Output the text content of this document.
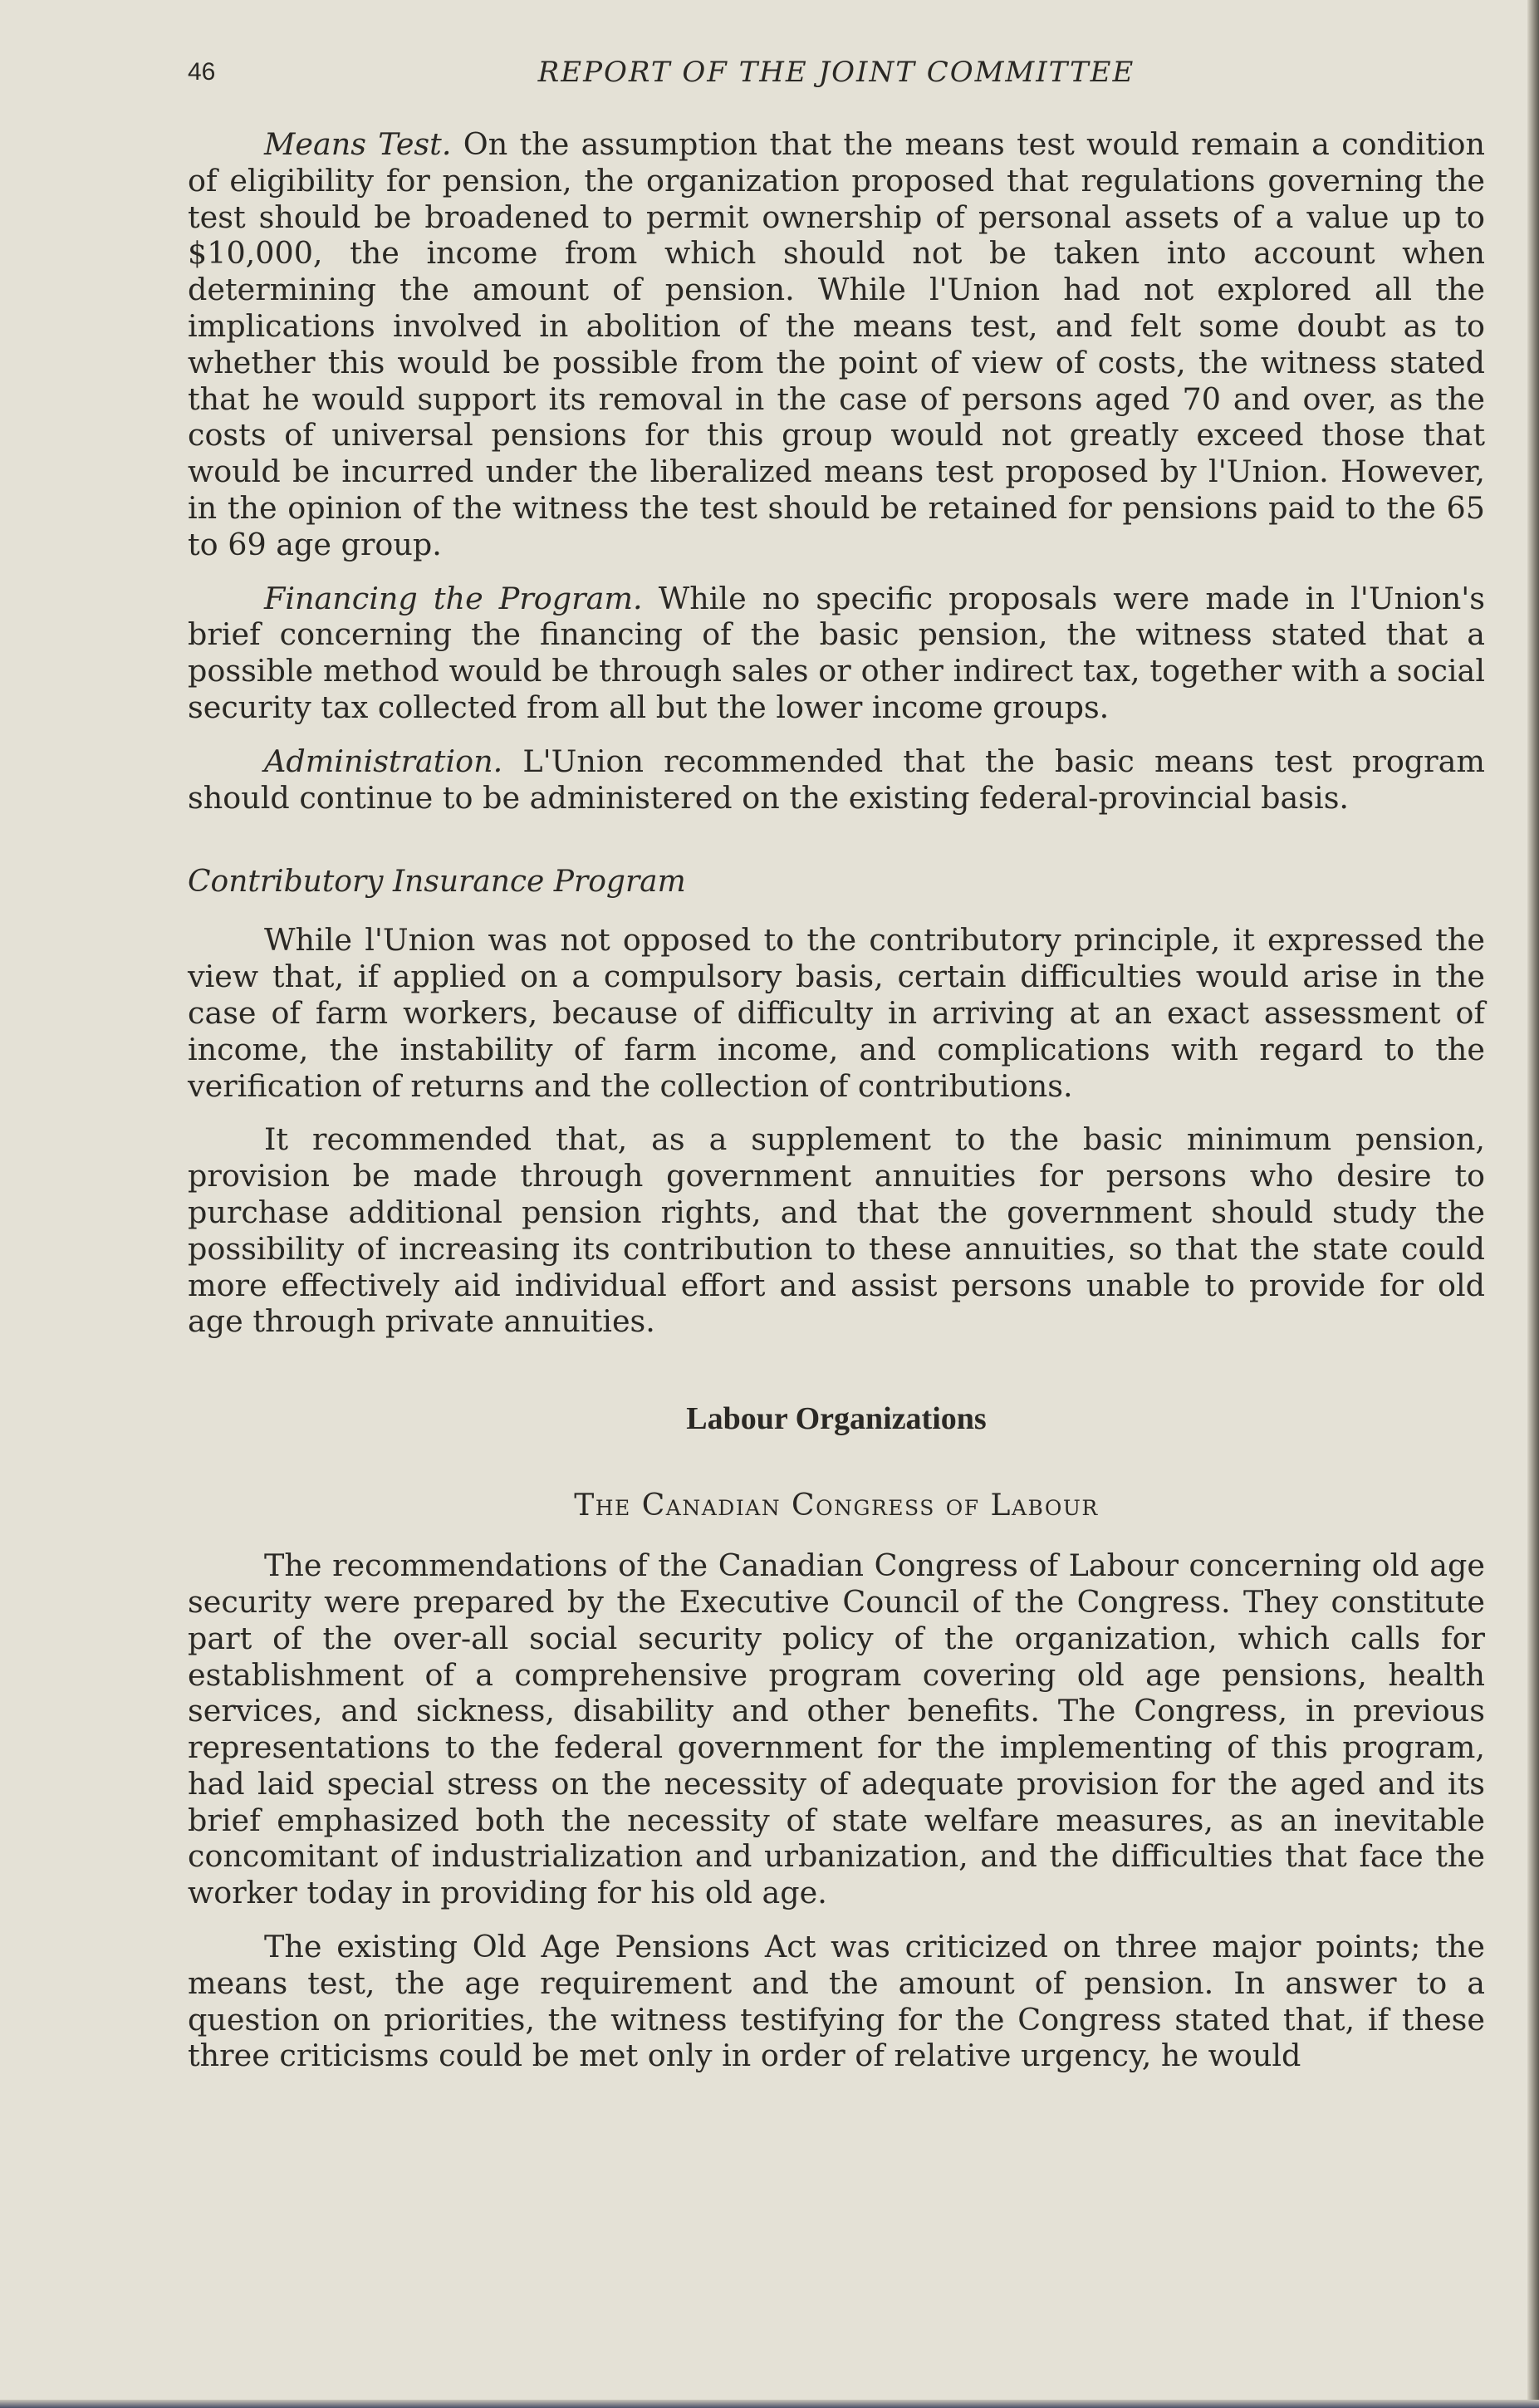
46	REPORT OF THE JOINT COMMITTEE

Means Test. On the assumption that the means test would remain a condition of eligibility for pension, the organization proposed that regulations governing the test should be broadened to permit ownership of personal assets of a value up to $10,000, the income from which should not be taken into account when determining the amount of pension. While l'Union had not explored all the implications involved in abolition of the means test, and felt some doubt as to whether this would be possible from the point of view of costs, the witness stated that he would support its removal in the case of persons aged 70 and over, as the costs of universal pensions for this group would not greatly exceed those that would be incurred under the liberalized means test proposed by l'Union. However, in the opinion of the witness the test should be retained for pensions paid to the 65 to 69 age group.

Financing the Program. While no specific proposals were made in l'Union's brief concerning the financing of the basic pension, the witness stated that a possible method would be through sales or other indirect tax, together with a social security tax collected from all but the lower income groups.

Administration. L'Union recommended that the basic means test program should continue to be administered on the existing federal-provincial basis.

Contributory Insurance Program

While l'Union was not opposed to the contributory principle, it expressed the view that, if applied on a compulsory basis, certain difficulties would arise in the case of farm workers, because of difficulty in arriving at an exact assessment of income, the instability of farm income, and complications with regard to the verification of returns and the collection of contributions.

It recommended that, as a supplement to the basic minimum pension, provision be made through government annuities for persons who desire to purchase additional pension rights, and that the government should study the possibility of increasing its contribution to these annuities, so that the state could more effectively aid individual effort and assist persons unable to provide for old age through private annuities.

Labour Organizations
The Canadian Congress of Labour

The recommendations of the Canadian Congress of Labour concerning old age security were prepared by the Executive Council of the Congress. They constitute part of the over-all social security policy of the organization, which calls for establishment of a comprehensive program covering old age pensions, health services, and sickness, disability and other benefits. The Congress, in previous representations to the federal government for the implementing of this program, had laid special stress on the necessity of adequate provision for the aged and its brief emphasized both the necessity of state welfare measures, as an inevitable concomitant of industrialization and urbanization, and the difficulties that face the worker today in providing for his old age.

The existing Old Age Pensions Act was criticized on three major points; the means test, the age requirement and the amount of pension. In answer to a question on priorities, the witness testifying for the Congress stated that, if these three criticisms could be met only in order of relative urgency, he would
